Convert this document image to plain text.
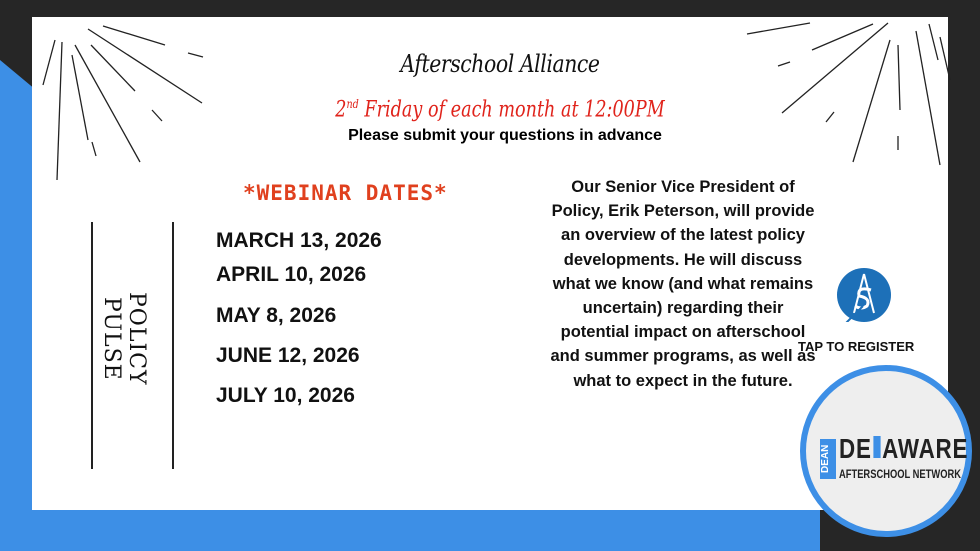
Afterschool Alliance
2nd Friday of each month at 12:00PM
Please submit your questions in advance
POLICY PULSE
*WEBINAR DATES*
MARCH 13, 2026
APRIL 10, 2026
MAY 8, 2026
JUNE 12, 2026
JULY 10, 2026
Our Senior Vice President of Policy, Erik Peterson, will provide an overview of the latest policy developments. He will discuss what we know (and what remains uncertain) regarding their potential impact on afterschool and summer programs, as well as what to expect in the future.
TAP TO REGISTER
DEAN DE AWARE
AFTERSCHOOL NETWORK
